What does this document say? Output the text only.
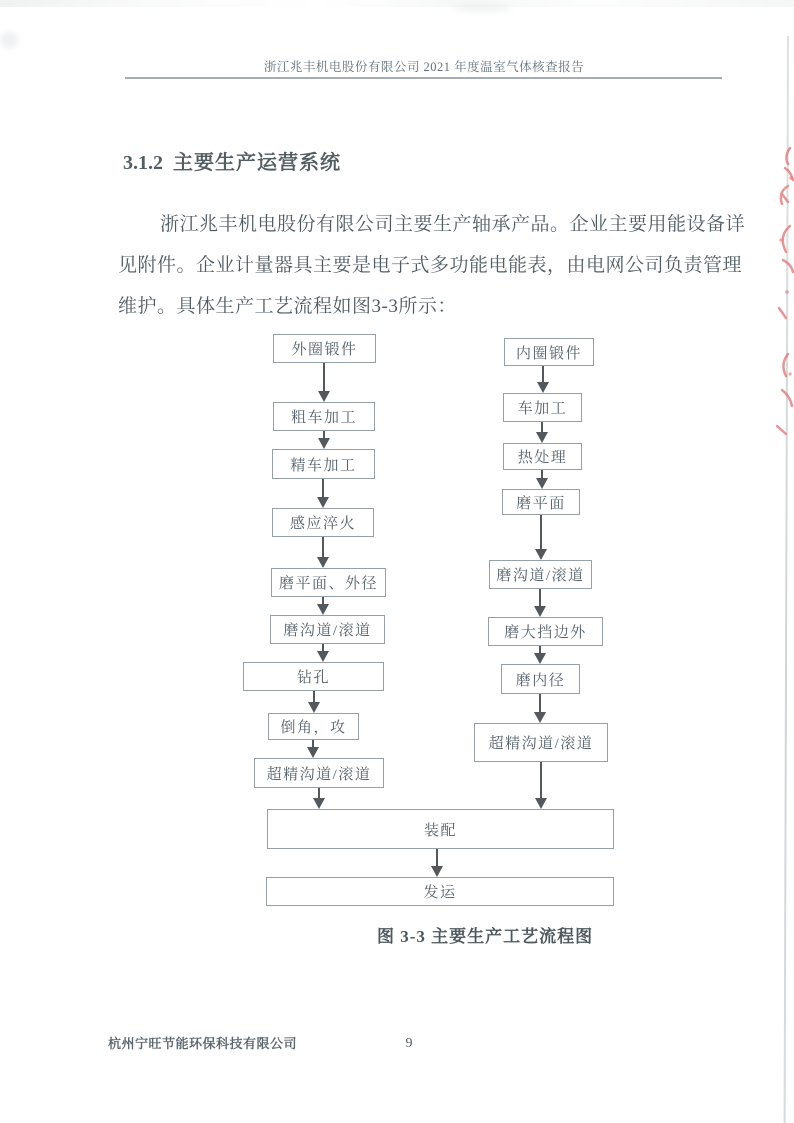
浙江兆丰机电股份有限公司 2021 年度温室气体核查报告
3.1.2 主要生产运营系统
浙江兆丰机电股份有限公司主要生产轴承产品。企业主要用能设备详
见附件。企业计量器具主要是电子式多功能电能表，由电网公司负责管理
维护。具体生产工艺流程如图3-3所示：
外圈锻件
粗车加工
精车加工
感应淬火
磨平面、外径
磨沟道/滚道
钻孔
倒角，攻
超精沟道/滚道
内圈锻件
车加工
热处理
磨平面
磨沟道/滚道
磨大挡边外
磨内径
超精沟道/滚道
装配
发运
图 3-3 主要生产工艺流程图
杭州宁旺节能环保科技有限公司	9
